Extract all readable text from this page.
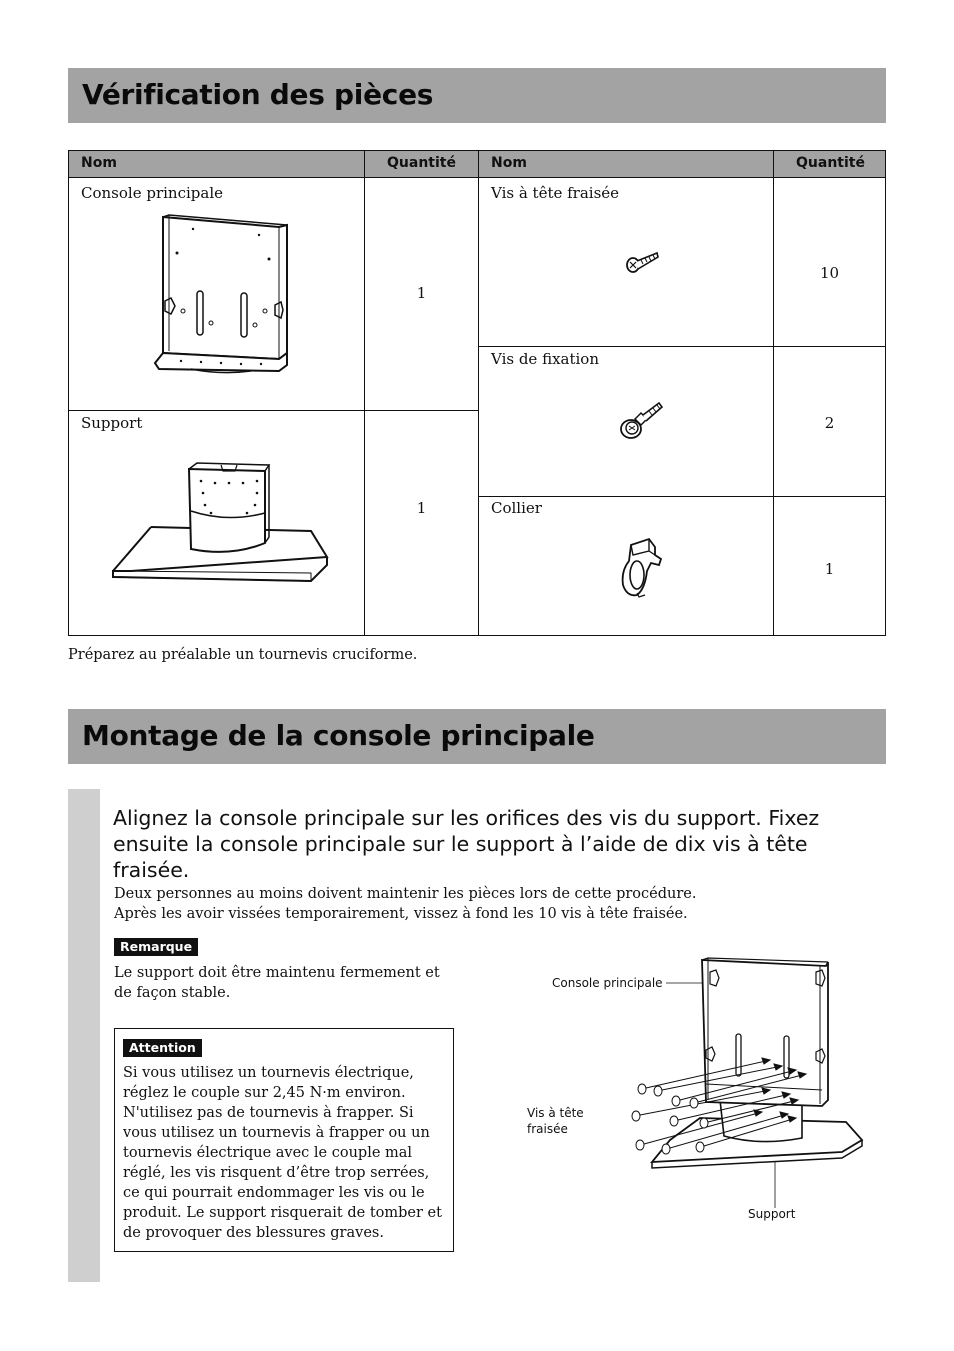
Vérification des pièces
Nom	Quantité
Console principale
1
Support
1
Nom	Quantité
Vis à tête fraisée
10
Vis de fixation
2
Collier
1
Préparez au préalable un tournevis cruciforme.
Montage de la console principale
Alignez la console principale sur les orifices des vis du support. Fixez ensuite la console principale sur le support à l’aide de dix vis à tête fraisée.
Deux personnes au moins doivent maintenir les pièces lors de cette procédure.
Après les avoir vissées temporairement, vissez à fond les 10 vis à tête fraisée.
Remarque
Le support doit être maintenu fermement et de façon stable.
Attention
Si vous utilisez un tournevis électrique, réglez le couple sur 2,45 N·m environ. N'utilisez pas de tournevis à frapper. Si vous utilisez un tournevis à frapper ou un tournevis électrique avec le couple mal réglé, les vis risquent d’être trop serrées, ce qui pourrait endommager les vis ou le produit. Le support risquerait de tomber et de provoquer des blessures graves.
Console principale
Vis à tête fraisée
Support
